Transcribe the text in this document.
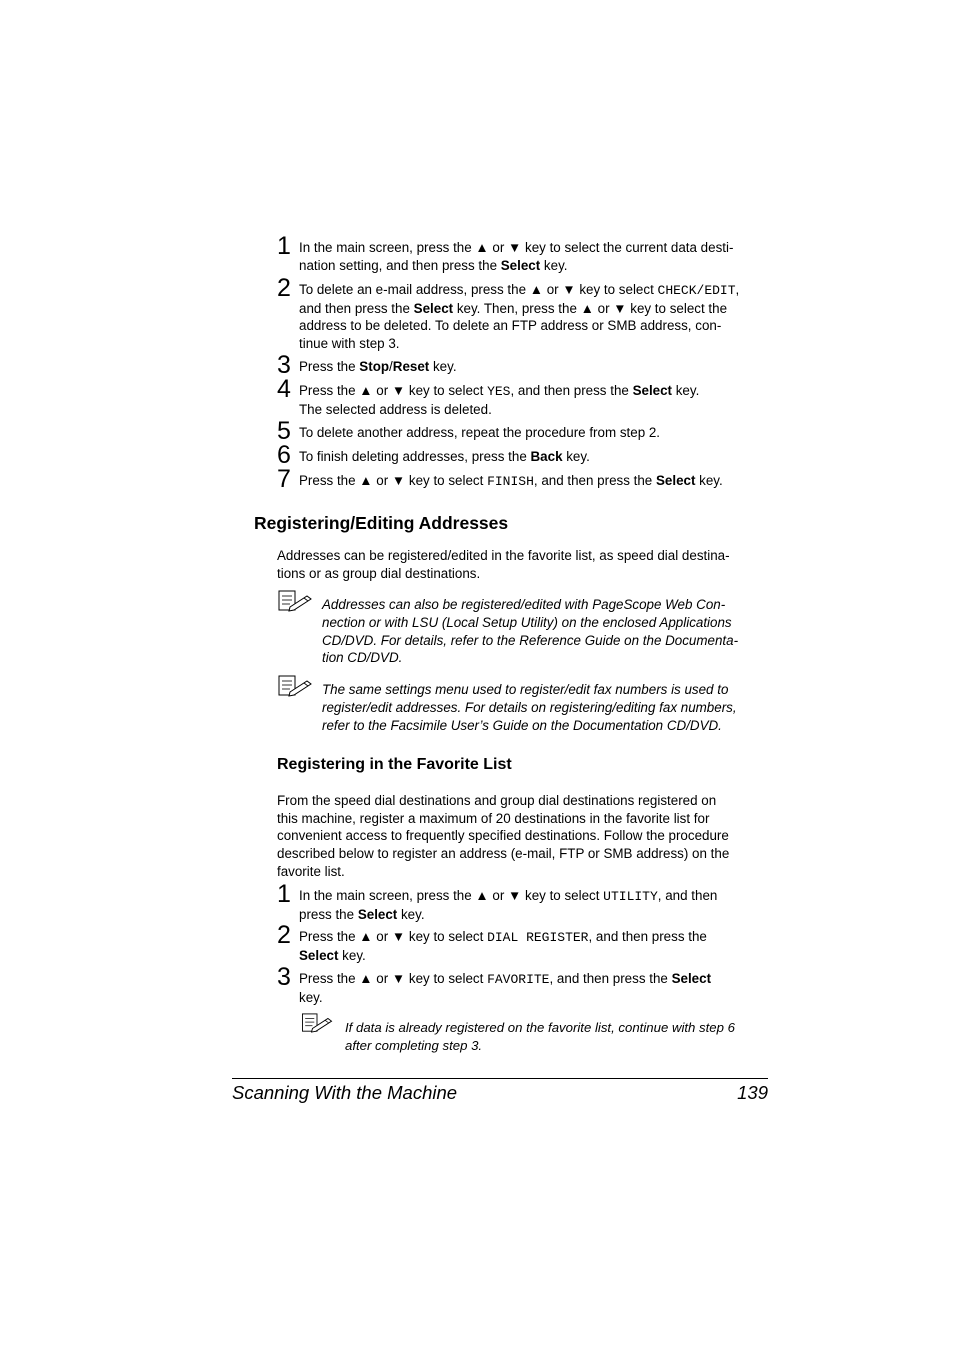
1 In the main screen, press the ▲ or ▼ key to select the current data desti-
nation setting, and then press the Select key.
2 To delete an e-mail address, press the ▲ or ▼ key to select CHECK/EDIT,
and then press the Select key. Then, press the ▲ or ▼ key to select the
address to be deleted. To delete an FTP address or SMB address, con-
tinue with step 3.
3 Press the Stop/Reset key.
4 Press the ▲ or ▼ key to select YES, and then press the Select key.
The selected address is deleted.
5 To delete another address, repeat the procedure from step 2.
6 To finish deleting addresses, press the Back key.
7 Press the ▲ or ▼ key to select FINISH, and then press the Select key.
Registering/Editing Addresses
Addresses can be registered/edited in the favorite list, as speed dial destina-
tions or as group dial destinations.
Addresses can also be registered/edited with PageScope Web Con-
nection or with LSU (Local Setup Utility) on the enclosed Applications
CD/DVD. For details, refer to the Reference Guide on the Documenta-
tion CD/DVD.
The same settings menu used to register/edit fax numbers is used to
register/edit addresses. For details on registering/editing fax numbers,
refer to the Facsimile User’s Guide on the Documentation CD/DVD.
Registering in the Favorite List
From the speed dial destinations and group dial destinations registered on
this machine, register a maximum of 20 destinations in the favorite list for
convenient access to frequently specified destinations. Follow the procedure
described below to register an address (e-mail, FTP or SMB address) on the
favorite list.
1 In the main screen, press the ▲ or ▼ key to select UTILITY, and then
press the Select key.
2 Press the ▲ or ▼ key to select DIAL REGISTER, and then press the
Select key.
3 Press the ▲ or ▼ key to select FAVORITE, and then press the Select
key.
If data is already registered on the favorite list, continue with step 6
after completing step 3.
Scanning With the Machine	139
